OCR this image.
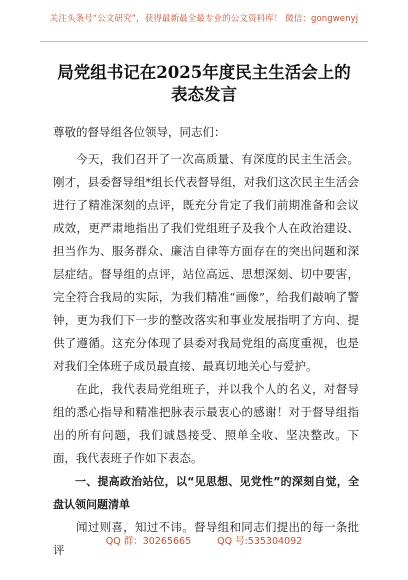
关注头条号“公文研究”，获得最新最全最专业的公文资料库！ 微信：gongwenyj
局党组书记在2025年度民主生活会上的
表态发言
尊敬的督导组各位领导，同志们：

今天，我们召开了一次高质量、有深度的民主生活会。刚才，县委督导组*组长代表督导组，对我们这次民主生活会进行了精准深刻的点评，既充分肯定了我们前期准备和会议成效，更严肃地指出了我们党组班子及我个人在政治建设、担当作为、服务群众、廉洁自律等方面存在的突出问题和深层症结。督导组的点评，站位高远、思想深刻、切中要害，完全符合我局的实际，为我们精准“画像”，给我们敲响了警钟，更为我们下一步的整改落实和事业发展指明了方向、提供了遵循。这充分体现了县委对我局党组的高度重视，也是对我们全体班子成员最直接、最真切地关心与爱护。

在此，我代表局党组班子，并以我个人的名义，对督导组的悉心指导和精准把脉表示最衷心的感谢！对于督导组指出的所有问题，我们诚恳接受、照单全收、坚决整改。下面，我代表班子作如下表态。

一、提高政治站位，以“见思想、见党性”的深刻自觉，全盘认领问题清单

闻过则喜，知过不讳。督导组和同志们提出的每一条批评

QQ 群：30265665	QQ 号:535304092
